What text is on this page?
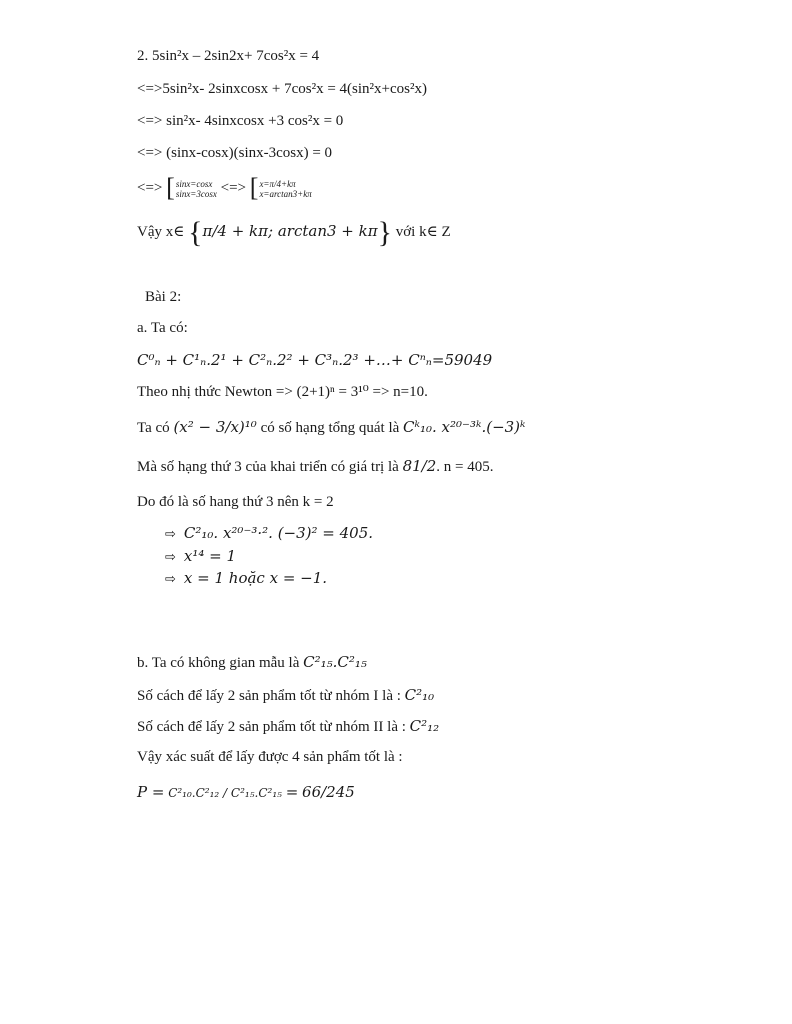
2. 5sin²x – 2sin2x+ 7cos²x = 4
<=>5sin²x- 2sinxcosx + 7cos²x = 4(sin²x+cos²x)
<=> sin²x- 4sinxcosx +3 cos²x = 0
<=> (sinx-cosx)(sinx-3cosx) = 0
<=> [ sinx=cosx
sinx=3cosx <=> [ x=π/4+kπ
x=arctan3+kπ
Vậy x∈ {π/4 + kπ; arctan3 + kπ} với k∈ Z
Bài 2:
a. Ta có:
C⁰ₙ + C¹ₙ.2¹ + C²ₙ.2² + C³ₙ.2³ +…+ Cⁿₙ=59049
Theo nhị thức Newton => (2+1)ⁿ = 3¹⁰ => n=10.
Ta có (x² − 3/x)¹⁰ có số hạng tổng quát là Cᵏ₁₀. x²⁰⁻³ᵏ.(−3)ᵏ
Mà số hạng thứ 3 của khai triển có giá trị là 81/2. n = 405.
Do đó là số hang thứ 3 nên k = 2
⇨ C²₁₀. x²⁰⁻³·². (−3)² = 405.
⇨ x¹⁴ = 1
⇨ x = 1 hoặc x = −1.
b. Ta có không gian mẫu là C²₁₅.C²₁₅
Số cách để lấy 2 sản phẩm tốt từ nhóm I là : C²₁₀
Số cách để lấy 2 sản phẩm tốt từ nhóm II là : C²₁₂
Vậy xác suất để lấy được 4 sản phẩm tốt là :
P = C²₁₀.C²₁₂ / C²₁₅.C²₁₅ = 66/245
